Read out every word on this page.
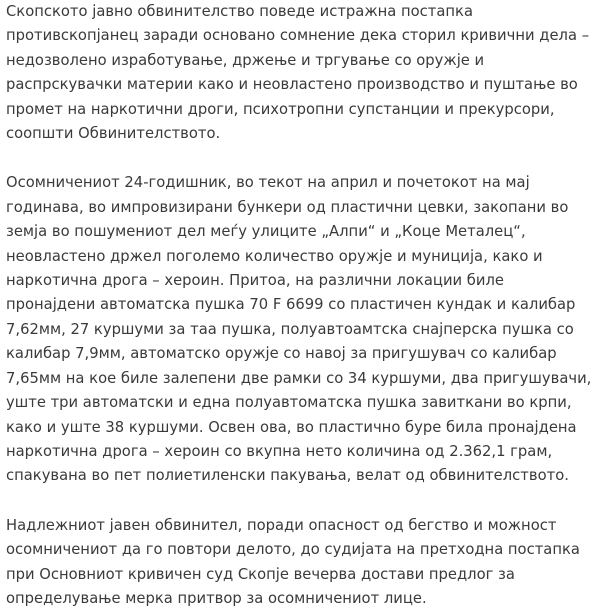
Скопското јавно обвинителство поведе истражна постапка
противскопјанец заради основано сомнение дека сторил кривични дела –
недозволено изработување, држење и тргување со оружје и
распрскувачки материи како и неовластено производство и пуштање во
промет на наркотични дроги, психотропни супстанции и прекурсори,
соопшти Обвинителството.

Осомничениот 24-годишник, во текот на април и почетокот на мај
годинава, во импровизирани бункери од пластични цевки, закопани во
земја во пошумениот дел меѓу улиците „Алпи“ и „Коце Металец“,
неовластено држел поголемо количество оружје и муниција, како и
наркотична дрога – хероин. Притоа, на различни локации биле
пронајдени автоматска пушка 70 F 6699 со пластичен кундак и калибар
7,62мм, 27 куршуми за таа пушка, полуавтоамтска снајперска пушка со
калибар 7,9мм, автоматско оружје со навој за пригушувач со калибар
7,65мм на кое биле залепени две рамки со 34 куршуми, два пригушувачи,
уште три автоматски и една полуавтоматска пушка завиткани во крпи,
како и уште 38 куршуми. Освен ова, во пластично буре била пронајдена
наркотична дрога – хероин со вкупна нето количина од 2.362,1 грам,
спакувана во пет полиетиленски пакувања, велат од обвинителството.

Надлежниот јавен обвинител, поради опасност од бегство и можност
осомничениот да го повтори делото, до судијата на претходна постапка
при Основниот кривичен суд Скопје вечерва достави предлог за
определување мерка притвор за осомничениот лице.
